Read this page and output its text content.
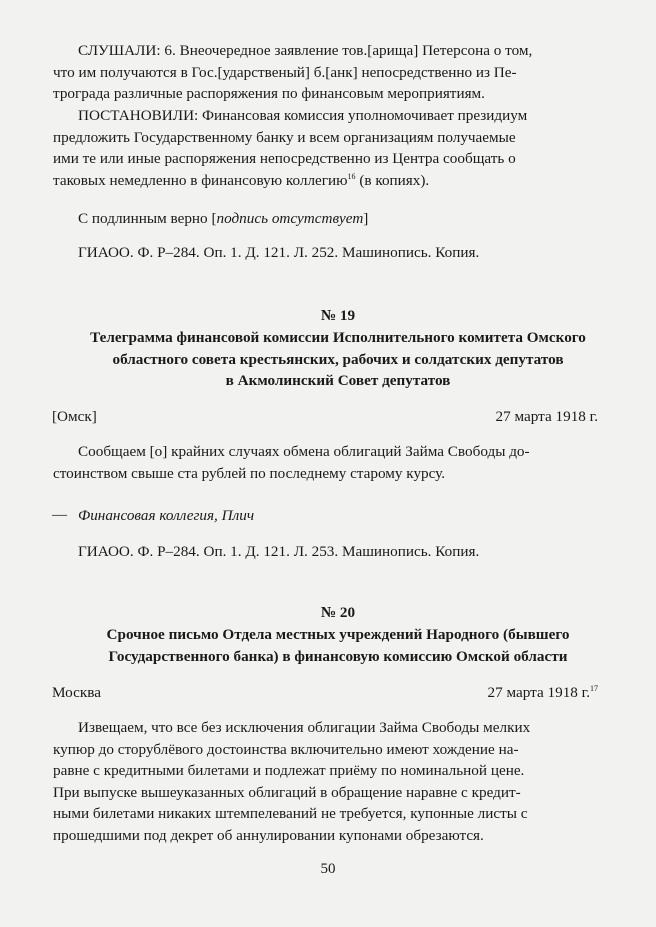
СЛУШАЛИ: 6. Внеочередное заявление тов.[арища] Петерсона о том,
что им получаются в Гос.[ударственый] б.[анк] непосредственно из Пе-
трограда различные распоряжения по финансовым мероприятиям.

ПОСТАНОВИЛИ: Финансовая комиссия уполномочивает президиум
предложить Государственному банку и всем организациям получаемые
ими те или иные распоряжения непосредственно из Центра сообщать о
таковых немедленно в финансовую коллегию$^{16}$ (в копиях).

С подлинным верно [подпись отсутствует]

ГИАОО. Ф. Р–284. Оп. 1. Д. 121. Л. 252. Машинопись. Копия.

№ 19

Телеграмма финансовой комиссии Исполнительного комитета Омского
областного совета крестьянских, рабочих и солдатских депутатов
в Акмолинский Совет депутатов
[Омск]	27 марта 1918 г.

Сообщаем [о] крайних случаях обмена облигаций Займа Свободы до-
стоинством свыше ста рублей по последнему старому курсу.

— Финансовая коллегия, Плич

ГИАОО. Ф. Р–284. Оп. 1. Д. 121. Л. 253. Машинопись. Копия.

№ 20

Срочное письмо Отдела местных учреждений Народного (бывшего
Государственного банка) в финансовую комиссию Омской области
Москва	27 марта 1918 г.$^{17}$

Извещаем, что все без исключения облигации Займа Свободы мелких
купюр до сторублёвого достоинства включительно имеют хождение на-
равне с кредитными билетами и подлежат приёму по номинальной цене.
При выпуске вышеуказанных облигаций в обращение наравне с кредит-
ными билетами никаких штемпелеваний не требуется, купонные листы с
прошедшими под декрет об аннулировании купонами обрезаются.

50
